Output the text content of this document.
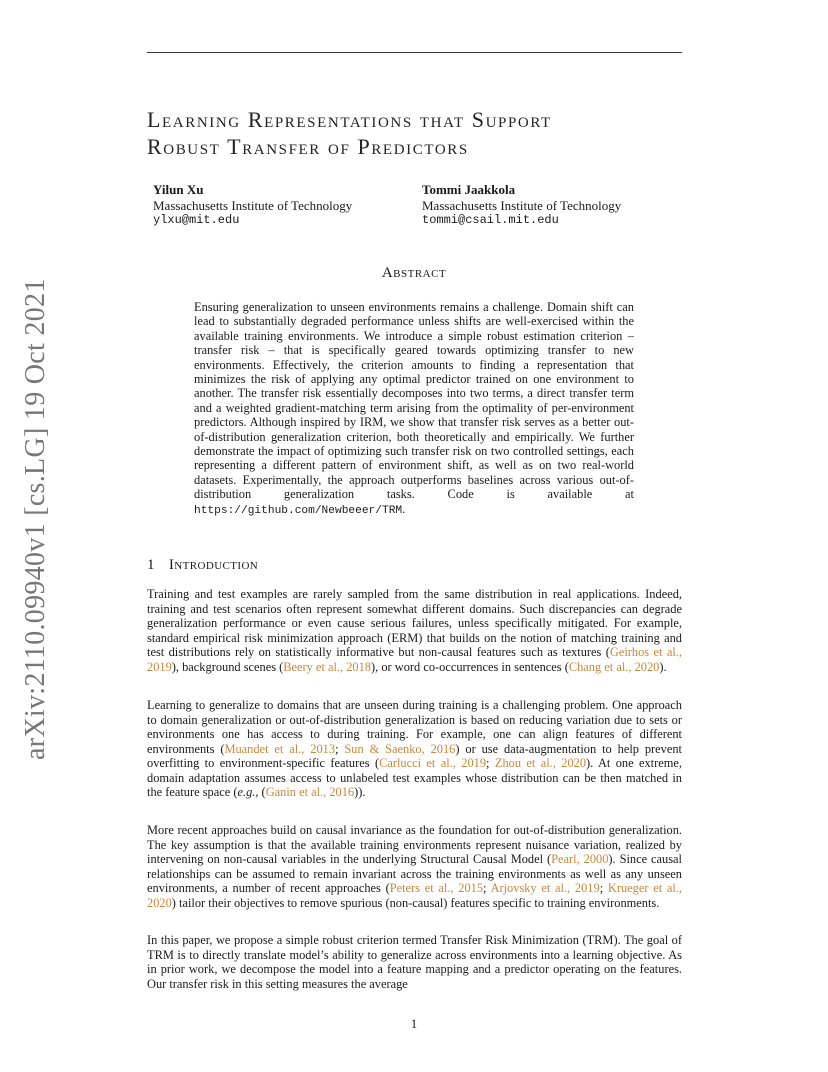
arXiv:2110.09940v1 [cs.LG] 19 Oct 2021
Learning Representations that Support
Robust Transfer of Predictors
Yilun Xu
Massachusetts Institute of Technology
ylxu@mit.edu
Tommi Jaakkola
Massachusetts Institute of Technology
tommi@csail.mit.edu
Abstract
Ensuring generalization to unseen environments remains a challenge. Domain shift can lead to substantially degraded performance unless shifts are well-exercised within the available training environments. We introduce a simple robust estimation criterion – transfer risk – that is specifically geared towards optimizing transfer to new environments. Effectively, the criterion amounts to finding a representation that minimizes the risk of applying any optimal predictor trained on one environment to another. The transfer risk essentially decomposes into two terms, a direct transfer term and a weighted gradient-matching term arising from the optimality of per-environment predictors. Although inspired by IRM, we show that transfer risk serves as a better out-of-distribution generalization criterion, both theoretically and empirically. We further demonstrate the impact of optimizing such transfer risk on two controlled settings, each representing a different pattern of environment shift, as well as on two real-world datasets. Experimentally, the approach outperforms baselines across various out-of-distribution generalization tasks. Code is available at https://github.com/Newbeeer/TRM.
1 Introduction
Training and test examples are rarely sampled from the same distribution in real applications. Indeed, training and test scenarios often represent somewhat different domains. Such discrepancies can degrade generalization performance or even cause serious failures, unless specifically mitigated. For example, standard empirical risk minimization approach (ERM) that builds on the notion of matching training and test distributions rely on statistically informative but non-causal features such as textures (Geirhos et al., 2019), background scenes (Beery et al., 2018), or word co-occurrences in sentences (Chang et al., 2020).
Learning to generalize to domains that are unseen during training is a challenging problem. One approach to domain generalization or out-of-distribution generalization is based on reducing variation due to sets or environments one has access to during training. For example, one can align features of different environments (Muandet et al., 2013; Sun & Saenko, 2016) or use data-augmentation to help prevent overfitting to environment-specific features (Carlucci et al., 2019; Zhou et al., 2020). At one extreme, domain adaptation assumes access to unlabeled test examples whose distribution can be then matched in the feature space (e.g., (Ganin et al., 2016)).
More recent approaches build on causal invariance as the foundation for out-of-distribution generalization. The key assumption is that the available training environments represent nuisance variation, realized by intervening on non-causal variables in the underlying Structural Causal Model (Pearl, 2000). Since causal relationships can be assumed to remain invariant across the training environments as well as any unseen environments, a number of recent approaches (Peters et al., 2015; Arjovsky et al., 2019; Krueger et al., 2020) tailor their objectives to remove spurious (non-causal) features specific to training environments.
In this paper, we propose a simple robust criterion termed Transfer Risk Minimization (TRM). The goal of TRM is to directly translate model’s ability to generalize across environments into a learning objective. As in prior work, we decompose the model into a feature mapping and a predictor operating on the features. Our transfer risk in this setting measures the average
1
